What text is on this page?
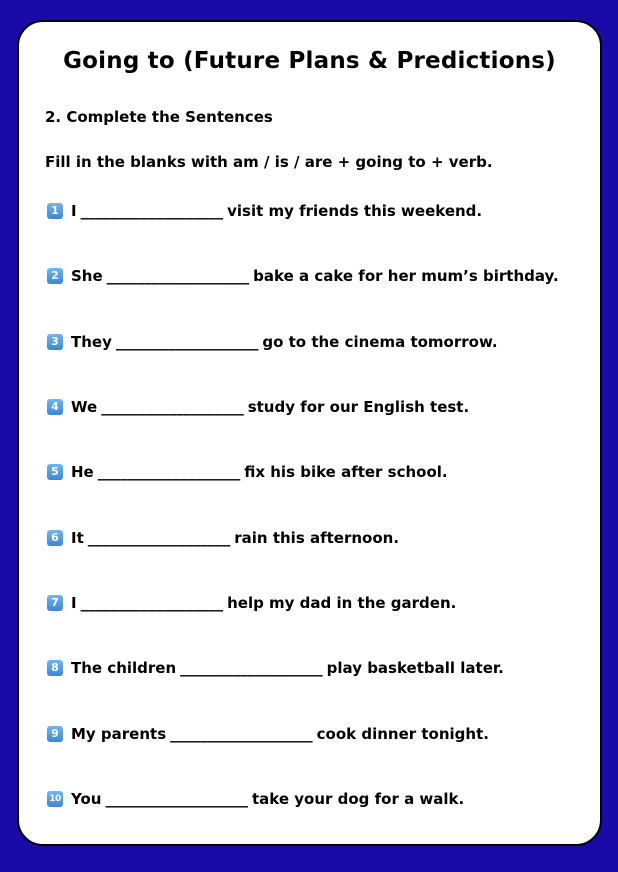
Going to (Future Plans & Predictions)
2. Complete the Sentences
Fill in the blanks with am / is / are + going to + verb.
1 I ___________________ visit my friends this weekend.
2 She ___________________ bake a cake for her mum’s birthday.
3 They ___________________ go to the cinema tomorrow.
4 We ___________________ study for our English test.
5 He ___________________ fix his bike after school.
6 It ___________________ rain this afternoon.
7 I ___________________ help my dad in the garden.
8 The children ___________________ play basketball later.
9 My parents ___________________ cook dinner tonight.
10 You ___________________ take your dog for a walk.
